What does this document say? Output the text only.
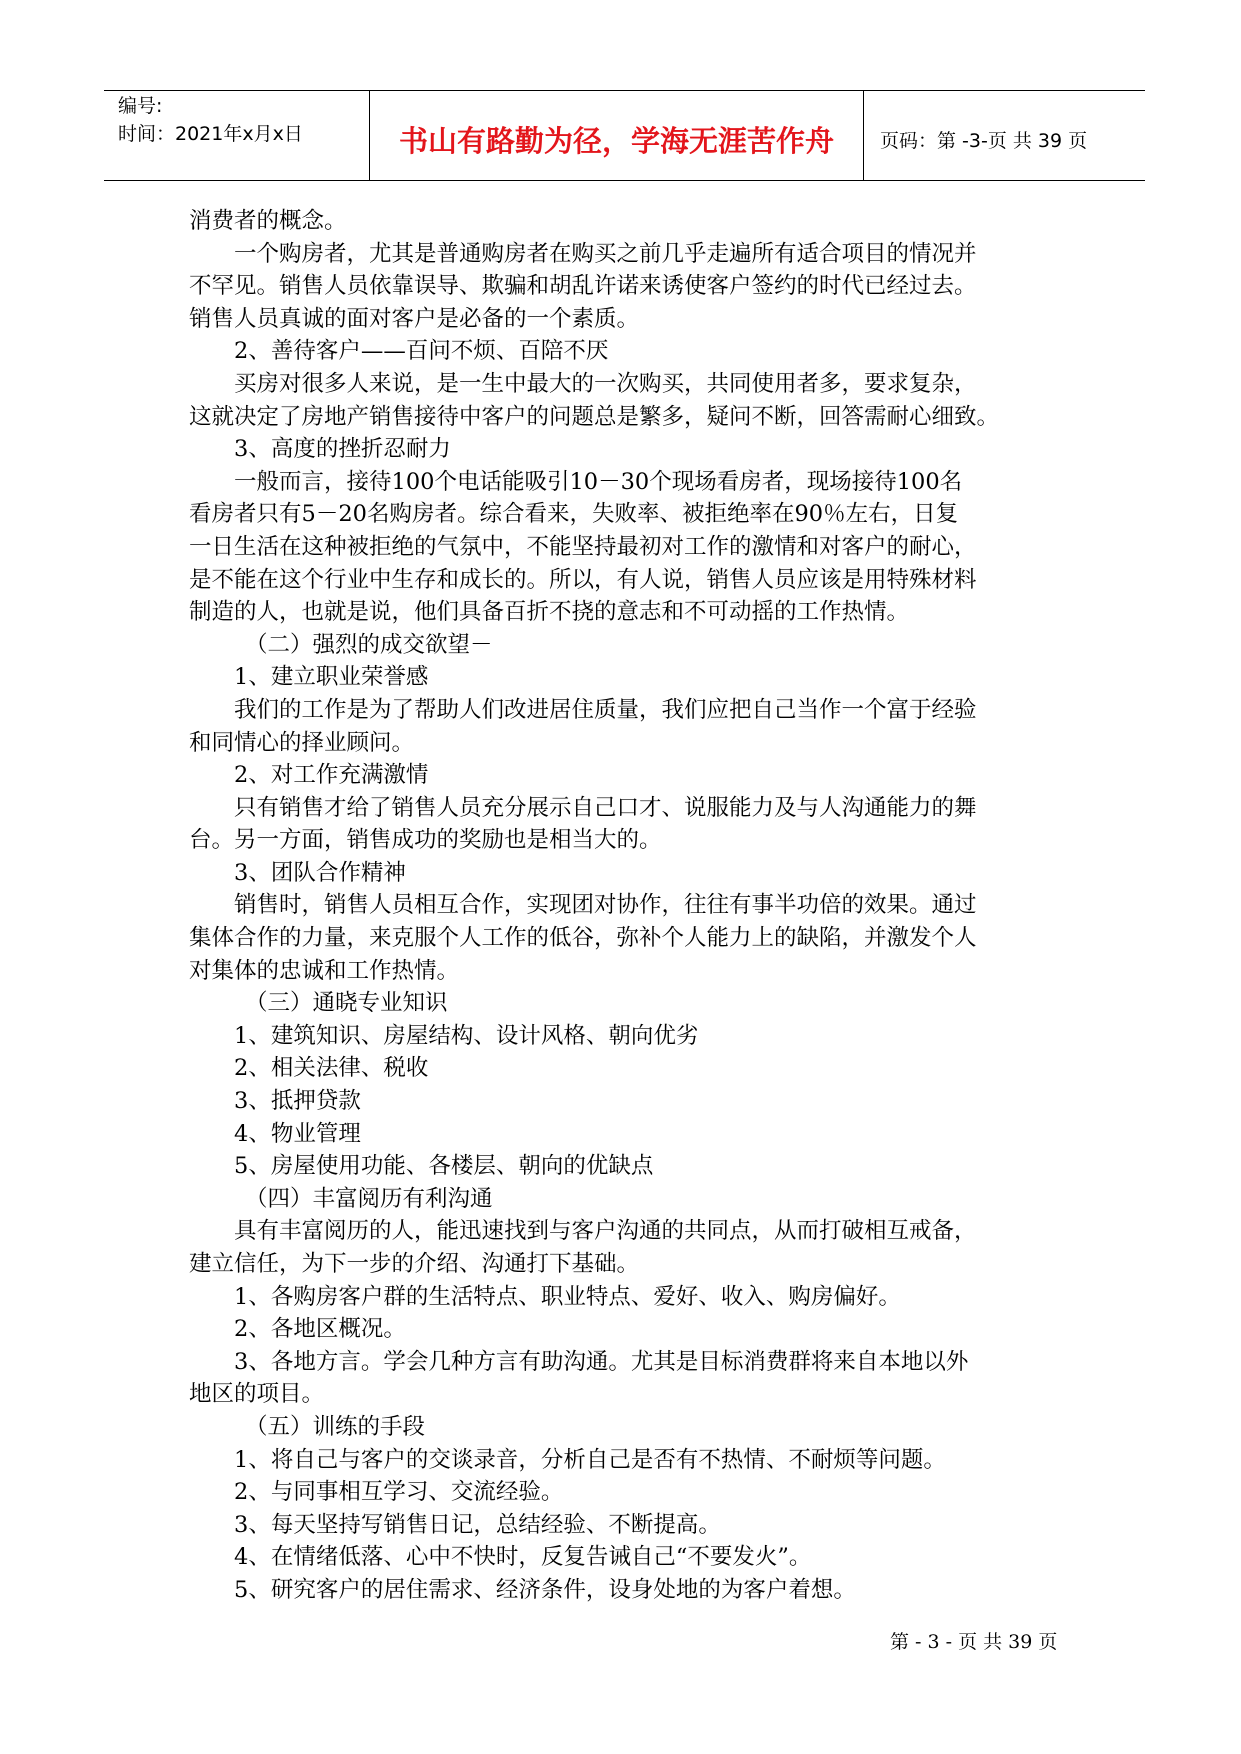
编号:
时间：2021年x月x日	书山有路勤为径，学海无涯苦作舟	页码：第 -3-页 共 39 页

消费者的概念。

一个购房者，尤其是普通购房者在购买之前几乎走遍所有适合项目的情况并

不罕见。销售人员依靠误导、欺骗和胡乱许诺来诱使客户签约的时代已经过去。

销售人员真诚的面对客户是必备的一个素质。

2、善待客户——百问不烦、百陪不厌

买房对很多人来说，是一生中最大的一次购买，共同使用者多，要求复杂，

这就决定了房地产销售接待中客户的问题总是繁多，疑问不断，回答需耐心细致。

3、高度的挫折忍耐力

一般而言，接待100个电话能吸引10－30个现场看房者，现场接待100名

看房者只有5－20名购房者。综合看来，失败率、被拒绝率在90％左右，日复

一日生活在这种被拒绝的气氛中，不能坚持最初对工作的激情和对客户的耐心，

是不能在这个行业中生存和成长的。所以，有人说，销售人员应该是用特殊材料

制造的人，也就是说，他们具备百折不挠的意志和不可动摇的工作热情。

（二）强烈的成交欲望－

1、建立职业荣誉感

我们的工作是为了帮助人们改进居住质量，我们应把自己当作一个富于经验

和同情心的择业顾问。

2、对工作充满激情

只有销售才给了销售人员充分展示自己口才、说服能力及与人沟通能力的舞

台。另一方面，销售成功的奖励也是相当大的。

3、团队合作精神

销售时，销售人员相互合作，实现团对协作，往往有事半功倍的效果。通过

集体合作的力量，来克服个人工作的低谷，弥补个人能力上的缺陷，并激发个人

对集体的忠诚和工作热情。

（三）通晓专业知识

1、建筑知识、房屋结构、设计风格、朝向优劣

2、相关法律、税收

3、抵押贷款

4、物业管理

5、房屋使用功能、各楼层、朝向的优缺点

（四）丰富阅历有利沟通

具有丰富阅历的人，能迅速找到与客户沟通的共同点，从而打破相互戒备，

建立信任，为下一步的介绍、沟通打下基础。

1、各购房客户群的生活特点、职业特点、爱好、收入、购房偏好。

2、各地区概况。

3、各地方言。学会几种方言有助沟通。尤其是目标消费群将来自本地以外

地区的项目。

（五）训练的手段

1、将自己与客户的交谈录音，分析自己是否有不热情、不耐烦等问题。

2、与同事相互学习、交流经验。

3、每天坚持写销售日记，总结经验、不断提高。

4、在情绪低落、心中不快时，反复告诫自己“不要发火”。

5、研究客户的居住需求、经济条件，设身处地的为客户着想。

第 - 3 - 页 共 39 页
